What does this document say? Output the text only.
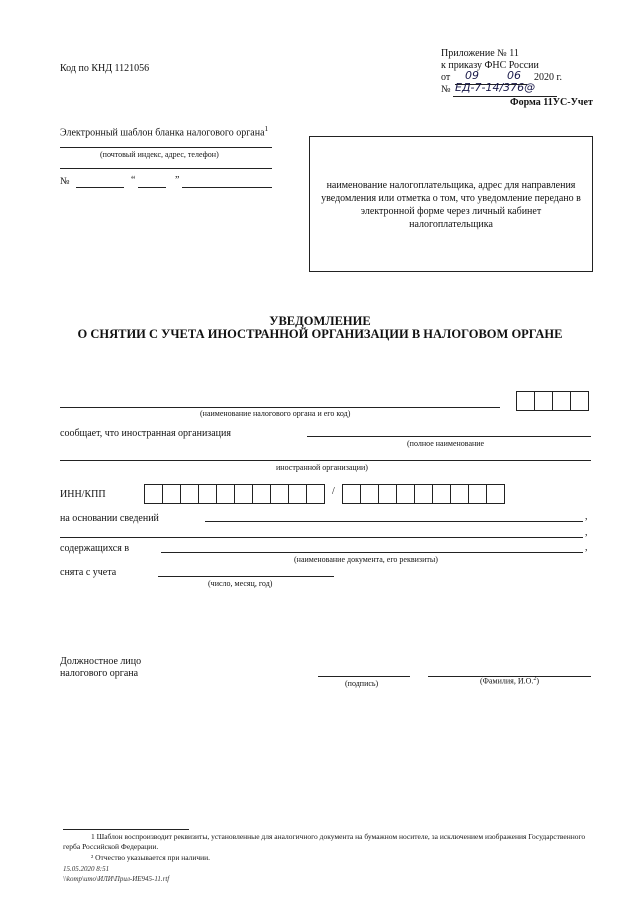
Код по КНД 1121056
Приложение № 11
к приказу ФНС России
от 09	06 2020 г.
№ ЕД-7-14/376@
Форма 11УС-Учет
Электронный шаблон бланка налогового органа$^1$
(почтовый индекс, адрес, телефон)
№	“	”	наименование налогоплательщика, адрес для направления уведомления или отметка о том, что уведомление передано в электронной форме через личный кабинет налогоплательщика
УВЕДОМЛЕНИЕ
О СНЯТИИ С УЧЕТА ИНОСТРАННОЙ ОРГАНИЗАЦИИ В НАЛОГОВОМ ОРГАНЕ
(наименование налогового органа и его код)
сообщает, что иностранная организация
(полное наименование
иностранной организации)
ИНН/КПП	/
на основании сведений	,
,
содержащихся в	,
(наименование документа, его реквизиты)
снята с учета
(число, месяц, год)
Должностное лицо
налогового органа
(подпись)	(Фамилия, И.О.$^2$)
1 Шаблон воспроизводит реквизиты, установленные для аналогичного документа на бумажном носителе, за исключением изображения Государственного герба Российской Федерации.
² Отчество указывается при наличии.
15.05.2020 8:51
\\komp\umo\ИЛИ\Прил-ИЕ945-11.rtf
